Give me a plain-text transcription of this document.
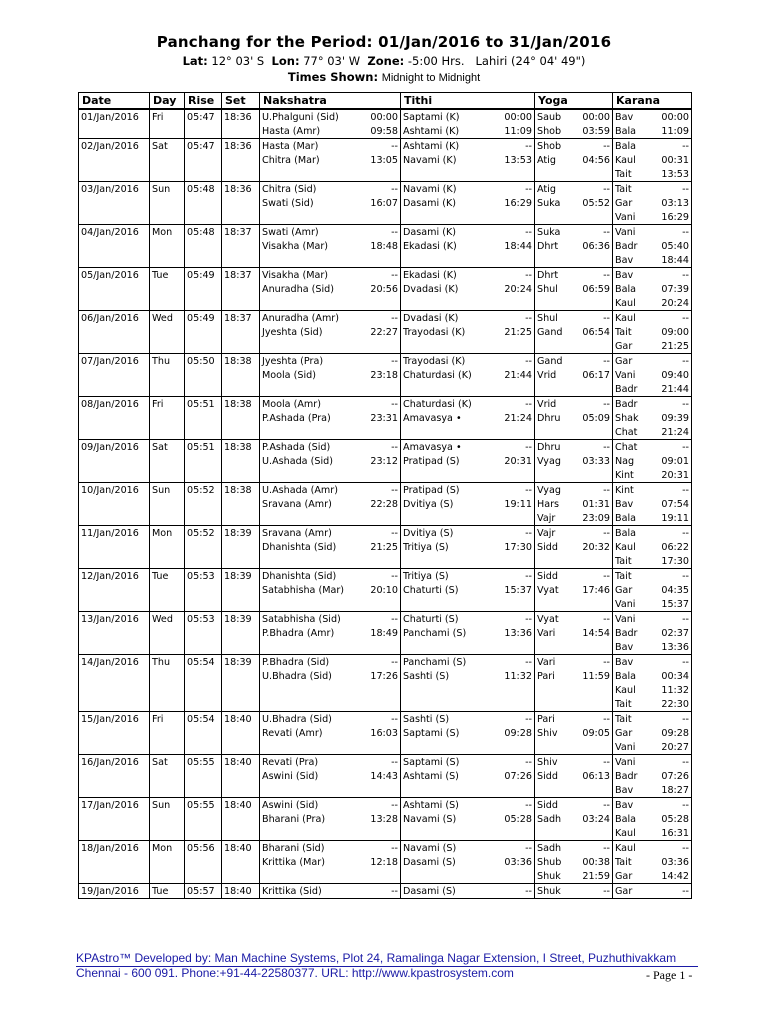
Panchang for the Period: 01/Jan/2016 to 31/Jan/2016
Lat: 12° 03' S Lon: 77° 03' W Zone: -5:00 Hrs. Lahiri (24° 04' 49")
Times Shown: Midnight to Midnight
Date	Day	Rise	Set	Nakshatra	Tithi	Yoga	Karana
01/Jan/2016	Fri	05:47	18:36	U.Phalguni (Sid) 00:00	Saptami (K) 00:00	Saub 00:00	Bav 00:00

				Hasta (Amr) 09:58	Ashtami (K) 11:09	Shob 03:59	Bala 11:09

02/Jan/2016	Sat	05:47	18:36	Hasta (Mar) --	Ashtami (K) --	Shob --	Bala --

				Chitra (Mar) 13:05	Navami (K) 13:53	Atig 04:56	Kaul 00:31

							Tait 13:53

03/Jan/2016	Sun	05:48	18:36	Chitra (Sid) --	Navami (K) --	Atig --	Tait --

				Swati (Sid) 16:07	Dasami (K) 16:29	Suka 05:52	Gar 03:13

							Vani 16:29

04/Jan/2016	Mon	05:48	18:37	Swati (Amr) --	Dasami (K) --	Suka --	Vani --

				Visakha (Mar) 18:48	Ekadasi (K) 18:44	Dhrt 06:36	Badr 05:40

							Bav 18:44

05/Jan/2016	Tue	05:49	18:37	Visakha (Mar) --	Ekadasi (K) --	Dhrt --	Bav --

				Anuradha (Sid) 20:56	Dvadasi (K) 20:24	Shul 06:59	Bala 07:39

							Kaul 20:24

06/Jan/2016	Wed	05:49	18:37	Anuradha (Amr) --	Dvadasi (K) --	Shul --	Kaul --

				Jyeshta (Sid) 22:27	Trayodasi (K) 21:25	Gand 06:54	Tait 09:00

							Gar 21:25

07/Jan/2016	Thu	05:50	18:38	Jyeshta (Pra) --	Trayodasi (K) --	Gand --	Gar --

				Moola (Sid) 23:18	Chaturdasi (K) 21:44	Vrid 06:17	Vani 09:40

							Badr 21:44

08/Jan/2016	Fri	05:51	18:38	Moola (Amr) --	Chaturdasi (K) --	Vrid --	Badr --

				P.Ashada (Pra) 23:31	Amavasya • 21:24	Dhru 05:09	Shak 09:39

							Chat 21:24

09/Jan/2016	Sat	05:51	18:38	P.Ashada (Sid) --	Amavasya • --	Dhru --	Chat --

				U.Ashada (Sid) 23:12	Pratipad (S) 20:31	Vyag 03:33	Nag 09:01

							Kint 20:31

10/Jan/2016	Sun	05:52	18:38	U.Ashada (Amr) --	Pratipad (S) --	Vyag --	Kint --

				Sravana (Amr) 22:28	Dvitiya (S) 19:11	Hars 01:31	Bav 07:54

						Vajr 23:09	Bala 19:11

11/Jan/2016	Mon	05:52	18:39	Sravana (Amr) --	Dvitiya (S) --	Vajr --	Bala --

				Dhanishta (Sid) 21:25	Tritiya (S) 17:30	Sidd 20:32	Kaul 06:22

							Tait 17:30

12/Jan/2016	Tue	05:53	18:39	Dhanishta (Sid) --	Tritiya (S) --	Sidd --	Tait --

				Satabhisha (Mar) 20:10	Chaturti (S) 15:37	Vyat 17:46	Gar 04:35

							Vani 15:37

13/Jan/2016	Wed	05:53	18:39	Satabhisha (Sid) --	Chaturti (S) --	Vyat --	Vani --

				P.Bhadra (Amr) 18:49	Panchami (S) 13:36	Vari 14:54	Badr 02:37

							Bav 13:36

14/Jan/2016	Thu	05:54	18:39	P.Bhadra (Sid) --	Panchami (S) --	Vari --	Bav --

				U.Bhadra (Sid) 17:26	Sashti (S) 11:32	Pari 11:59	Bala 00:34

							Kaul 11:32

							Tait 22:30

15/Jan/2016	Fri	05:54	18:40	U.Bhadra (Sid) --	Sashti (S) --	Pari --	Tait --

				Revati (Amr) 16:03	Saptami (S) 09:28	Shiv 09:05	Gar 09:28

							Vani 20:27

16/Jan/2016	Sat	05:55	18:40	Revati (Pra) --	Saptami (S) --	Shiv --	Vani --

				Aswini (Sid) 14:43	Ashtami (S) 07:26	Sidd 06:13	Badr 07:26

							Bav 18:27

17/Jan/2016	Sun	05:55	18:40	Aswini (Sid) --	Ashtami (S) --	Sidd --	Bav --

				Bharani (Pra) 13:28	Navami (S) 05:28	Sadh 03:24	Bala 05:28

							Kaul 16:31

18/Jan/2016	Mon	05:56	18:40	Bharani (Sid) --	Navami (S) --	Sadh --	Kaul --

				Krittika (Mar) 12:18	Dasami (S) 03:36	Shub 00:38	Tait 03:36

						Shuk 21:59	Gar 14:42

19/Jan/2016	Tue	05:57	18:40	Krittika (Sid) --	Dasami (S) --	Shuk --	Gar --
KPAstro™ Developed by: Man Machine Systems, Plot 24, Ramalinga Nagar Extension, I Street, Puzhuthivakkam
Chennai - 600 091. Phone:+91-44-22580377. URL: http://www.kpastrosystem.com	- Page 1 -
